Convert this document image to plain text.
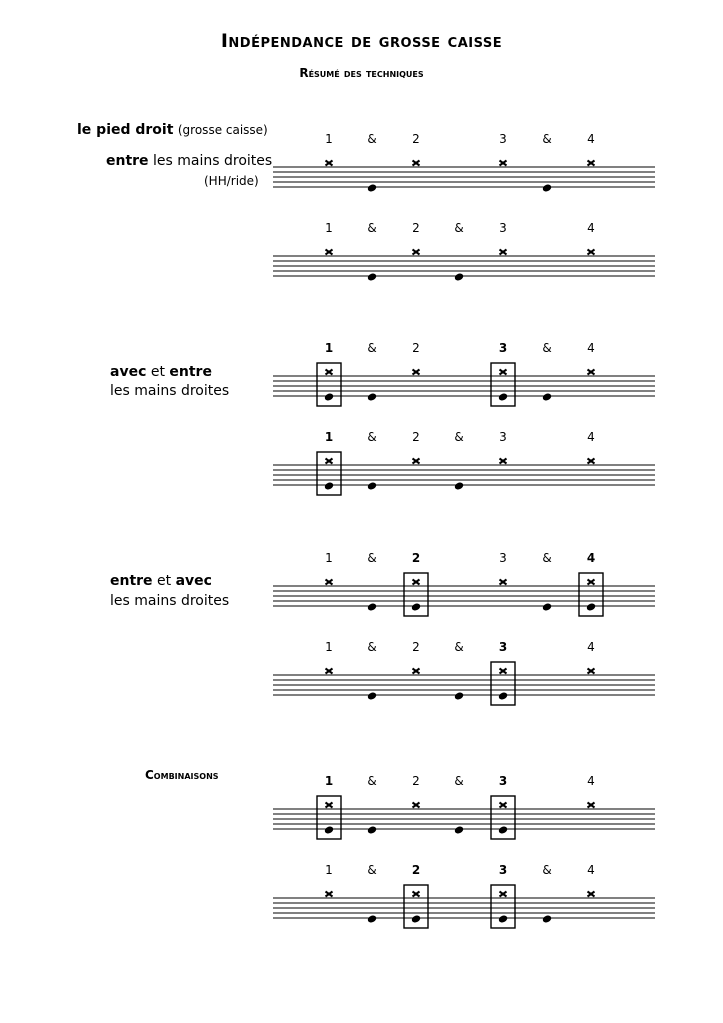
Indépendance de grosse caisse
Résumé des techniques
le pied droit (grosse caisse)
entre les mains droites
(HH/ride)
avec et entre
les mains droites
entre et avec
les mains droites
Combinaisons
1	&	2	3	&	4
1	&	2	&	3	4
1	&	2	3	&	4
1	&	2	&	3	4
1	&	2	3	&	4
1	&	2	&	3	4
1	&	2	&	3	4
1	&	2	3	&	4
